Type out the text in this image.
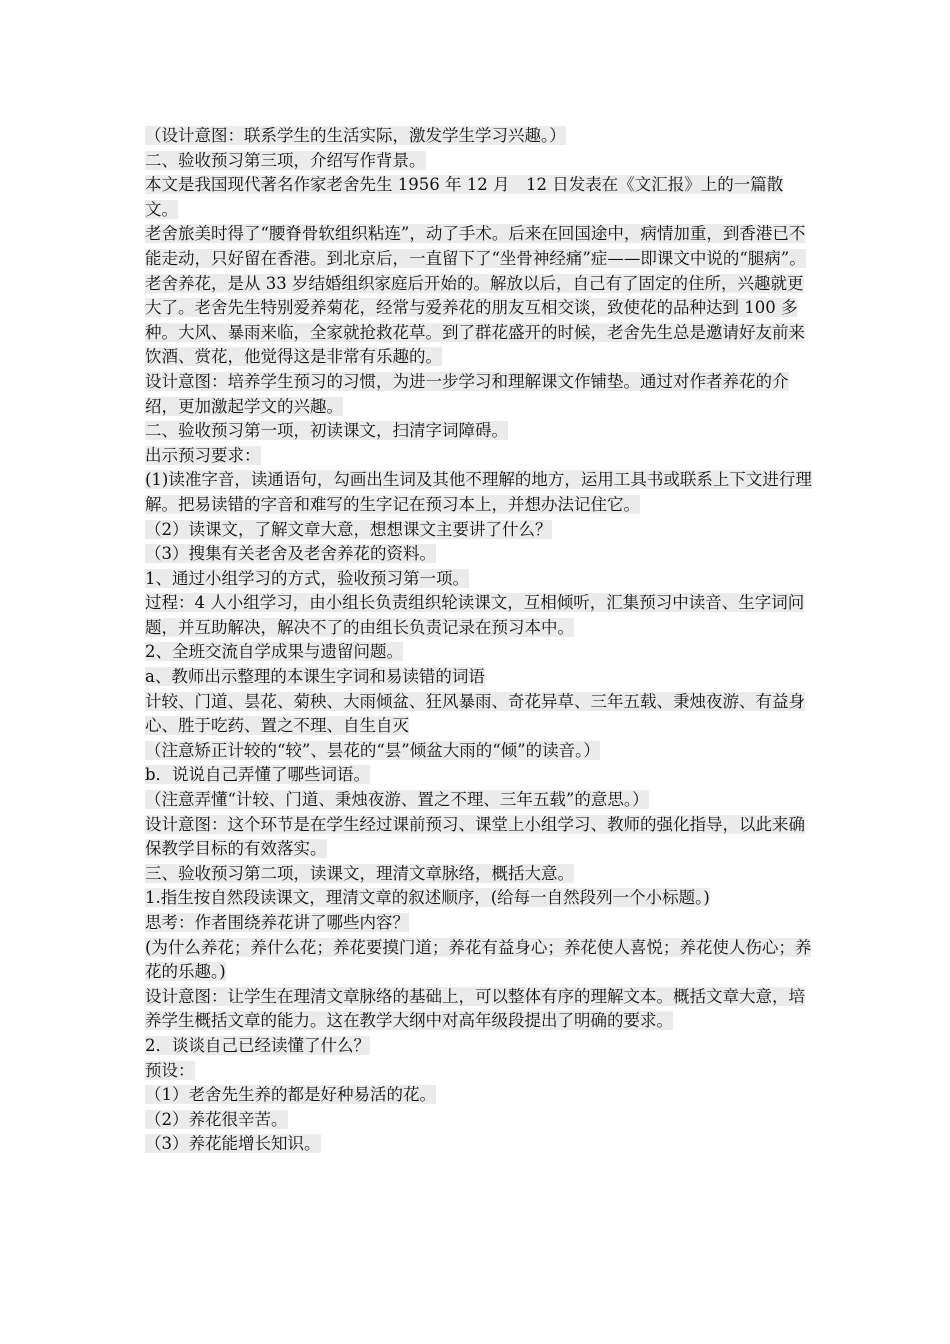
（设计意图：联系学生的生活实际，激发学生学习兴趣。）

二、验收预习第三项，介绍写作背景。

本文是我国现代著名作家老舍先生 1956 年 12 月　12 日发表在《文汇报》上的一篇散文。

老舍旅美时得了“腰脊骨软组织粘连”，动了手术。后来在回国途中，病情加重，到香港已不能走动，只好留在香港。到北京后，一直留下了“坐骨神经痛”症——即课文中说的“腿病”。

老舍养花，是从 33 岁结婚组织家庭后开始的。解放以后，自己有了固定的住所，兴趣就更大了。老舍先生特别爱养菊花，经常与爱养花的朋友互相交谈，致使花的品种达到 100 多种。大风、暴雨来临，全家就抢救花草。到了群花盛开的时候，老舍先生总是邀请好友前来饮酒、赏花，他觉得这是非常有乐趣的。

设计意图：培养学生预习的习惯，为进一步学习和理解课文作铺垫。通过对作者养花的介绍，更加激起学文的兴趣。

二、验收预习第一项，初读课文，扫清字词障碍。

出示预习要求：

(1)读准字音，读通语句，勾画出生词及其他不理解的地方，运用工具书或联系上下文进行理解。把易读错的字音和难写的生字记在预习本上，并想办法记住它。

（2）读课文，了解文章大意，想想课文主要讲了什么？

（3）搜集有关老舍及老舍养花的资料。

1、通过小组学习的方式，验收预习第一项。

过程：4 人小组学习，由小组长负责组织轮读课文，互相倾听，汇集预习中读音、生字词问题，并互助解决，解决不了的由组长负责记录在预习本中。

2、全班交流自学成果与遗留问题。

a、教师出示整理的本课生字词和易读错的词语

计较、门道、昙花、菊秧、大雨倾盆、狂风暴雨、奇花异草、三年五载、秉烛夜游、有益身心、胜于吃药、置之不理、自生自灭

（注意矫正计较的“较”、昙花的“昙”倾盆大雨的“倾”的读音。）

b．说说自己弄懂了哪些词语。

（注意弄懂“计较、门道、秉烛夜游、置之不理、三年五载”的意思。）

设计意图：这个环节是在学生经过课前预习、课堂上小组学习、教师的强化指导，以此来确保教学目标的有效落实。

三、验收预习第二项，读课文，理清文章脉络，概括大意。

1.指生按自然段读课文，理清文章的叙述顺序，(给每一自然段列一个小标题。)

思考：作者围绕养花讲了哪些内容？

(为什么养花；养什么花；养花要摸门道；养花有益身心；养花使人喜悦；养花使人伤心；养花的乐趣。)

设计意图：让学生在理清文章脉络的基础上，可以整体有序的理解文本。概括文章大意，培养学生概括文章的能力。这在教学大纲中对高年级段提出了明确的要求。

2．谈谈自己已经读懂了什么？

预设：

（1）老舍先生养的都是好种易活的花。

（2）养花很辛苦。

（3）养花能增长知识。
